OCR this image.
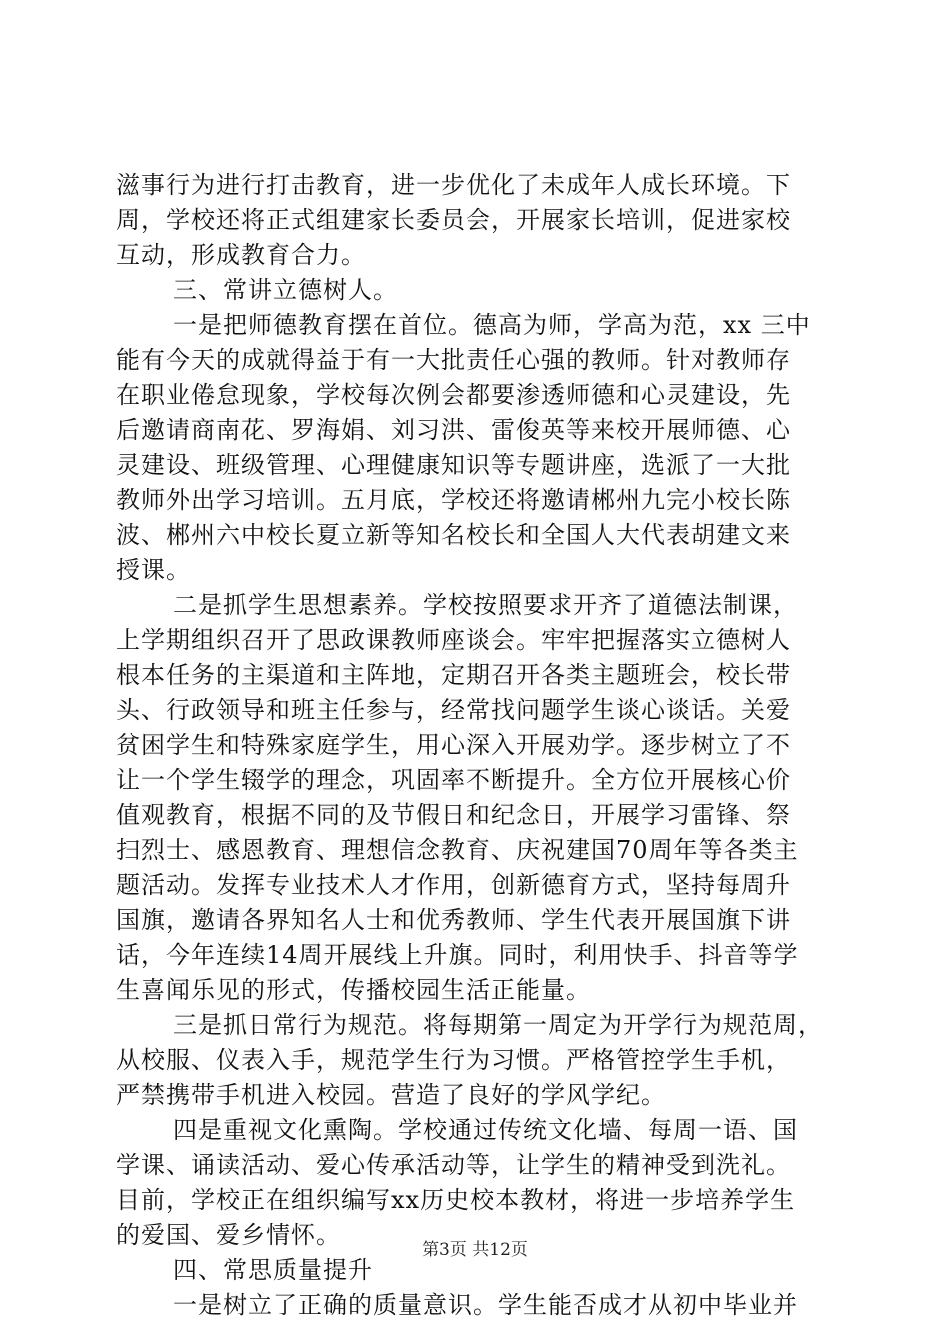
滋事行为进行打击教育，进一步优化了未成年人成长环境。下
周，学校还将正式组建家长委员会，开展家长培训，促进家校
互动，形成教育合力。
三、常讲立德树人。
一是把师德教育摆在首位。德高为师，学高为范，xx 三中
能有今天的成就得益于有一大批责任心强的教师。针对教师存
在职业倦怠现象，学校每次例会都要渗透师德和心灵建设，先
后邀请商南花、罗海娟、刘习洪、雷俊英等来校开展师德、心
灵建设、班级管理、心理健康知识等专题讲座，选派了一大批
教师外出学习培训。五月底，学校还将邀请郴州九完小校长陈
波、郴州六中校长夏立新等知名校长和全国人大代表胡建文来
授课。
二是抓学生思想素养。学校按照要求开齐了道德法制课，
上学期组织召开了思政课教师座谈会。牢牢把握落实立德树人
根本任务的主渠道和主阵地，定期召开各类主题班会，校长带
头、行政领导和班主任参与，经常找问题学生谈心谈话。关爱
贫困学生和特殊家庭学生，用心深入开展劝学。逐步树立了不
让一个学生辍学的理念，巩固率不断提升。全方位开展核心价
值观教育，根据不同的及节假日和纪念日，开展学习雷锋、祭
扫烈士、感恩教育、理想信念教育、庆祝建国70周年等各类主
题活动。发挥专业技术人才作用，创新德育方式，坚持每周升
国旗，邀请各界知名人士和优秀教师、学生代表开展国旗下讲
话，今年连续14周开展线上升旗。同时，利用快手、抖音等学
生喜闻乐见的形式，传播校园生活正能量。
三是抓日常行为规范。将每期第一周定为开学行为规范周，
从校服、仪表入手，规范学生行为习惯。严格管控学生手机，
严禁携带手机进入校园。营造了良好的学风学纪。
四是重视文化熏陶。学校通过传统文化墙、每周一语、国
学课、诵读活动、爱心传承活动等，让学生的精神受到洗礼。
目前，学校正在组织编写xx历史校本教材，将进一步培养学生
的爱国、爱乡情怀。
四、常思质量提升
一是树立了正确的质量意识。学生能否成才从初中毕业并
第3页 共12页
